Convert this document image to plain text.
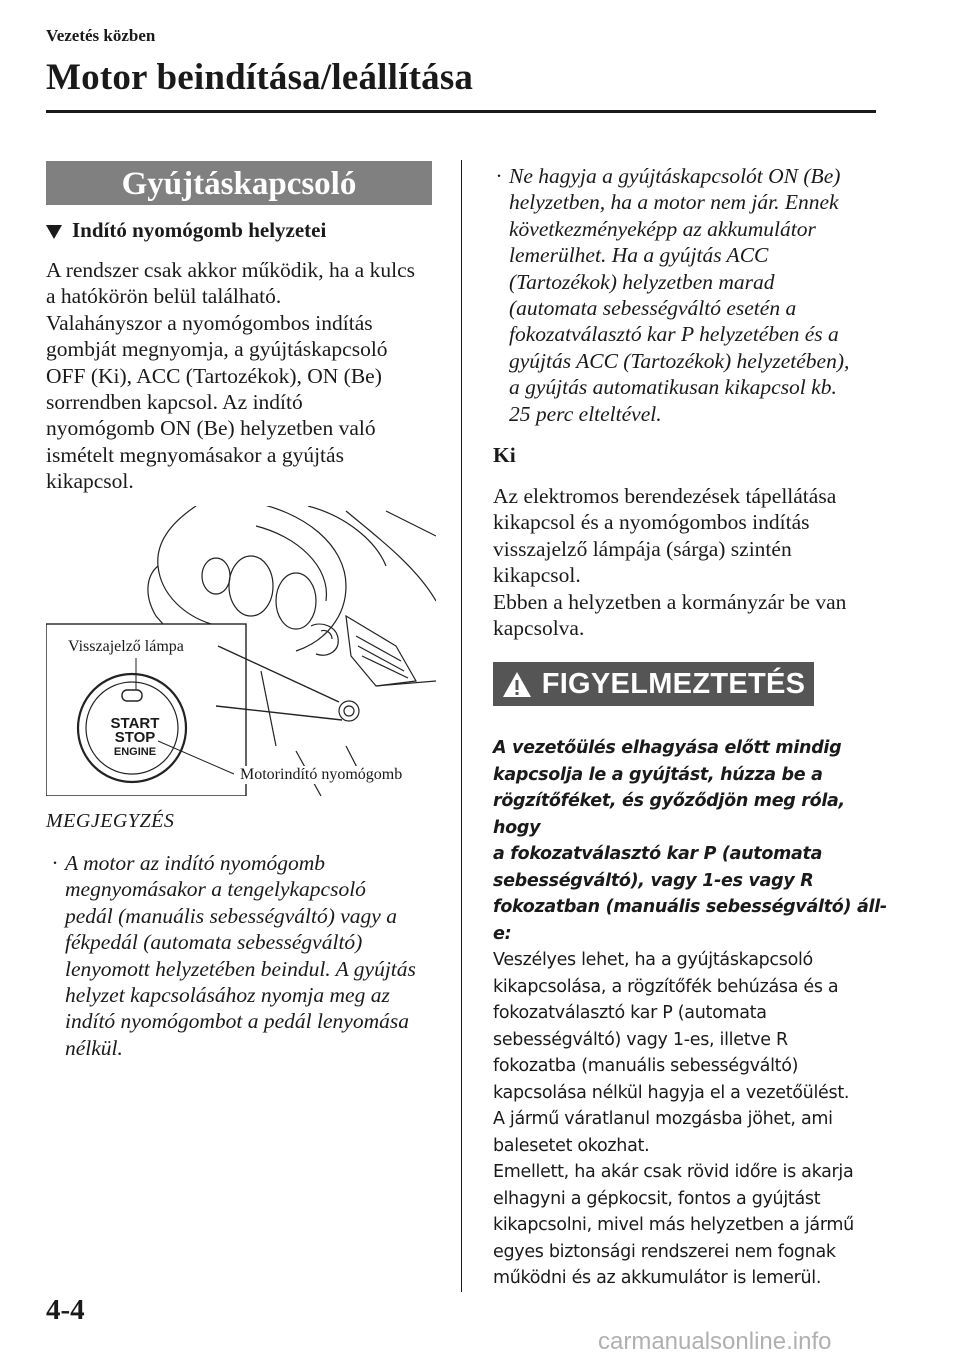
Vezetés közben
Motor beindítása/leállítása
Gyújtáskapcsoló
Indító nyomógomb helyzetei
A rendszer csak akkor működik, ha a kulcs
a hatókörön belül található.
Valahányszor a nyomógombos indítás
gombját megnyomja, a gyújtáskapcsoló
OFF (Ki), ACC (Tartozékok), ON (Be)
sorrendben kapcsol. Az indító
nyomógomb ON (Be) helyzetben való
ismételt megnyomásakor a gyújtás
kikapcsol.
START
STOP
ENGINE
Visszajelző lámpa
Motorindító nyomógomb
MEGJEGYZÉS
· A motor az indító nyomógomb
megnyomásakor a tengelykapcsoló
pedál (manuális sebességváltó) vagy a
fékpedál (automata sebességváltó)
lenyomott helyzetében beindul. A gyújtás
helyzet kapcsolásához nyomja meg az
indító nyomógombot a pedál lenyomása
nélkül.
· Ne hagyja a gyújtáskapcsolót ON (Be)
helyzetben, ha a motor nem jár. Ennek
következményeképp az akkumulátor
lemerülhet. Ha a gyújtás ACC
(Tartozékok) helyzetben marad
(automata sebességváltó esetén a
fokozatválasztó kar P helyzetében és a
gyújtás ACC (Tartozékok) helyzetében),
a gyújtás automatikusan kikapcsol kb.
25 perc elteltével.
Ki
Az elektromos berendezések tápellátása
kikapcsol és a nyomógombos indítás
visszajelző lámpája (sárga) szintén
kikapcsol.
Ebben a helyzetben a kormányzár be van
kapcsolva.
FIGYELMEZTETÉS
A vezetőülés elhagyása előtt mindig
kapcsolja le a gyújtást, húzza be a
rögzítőféket, és győződjön meg róla, hogy
a fokozatválasztó kar P (automata
sebességváltó), vagy 1-es vagy R
fokozatban (manuális sebességváltó) áll-e:
Veszélyes lehet, ha a gyújtáskapcsoló
kikapcsolása, a rögzítőfék behúzása és a
fokozatválasztó kar P (automata
sebességváltó) vagy 1-es, illetve R
fokozatba (manuális sebességváltó)
kapcsolása nélkül hagyja el a vezetőülést.
A jármű váratlanul mozgásba jöhet, ami
balesetet okozhat.
Emellett, ha akár csak rövid időre is akarja
elhagyni a gépkocsit, fontos a gyújtást
kikapcsolni, mivel más helyzetben a jármű
egyes biztonsági rendszerei nem fognak
működni és az akkumulátor is lemerül.
4-4
carmanualsonline.info
